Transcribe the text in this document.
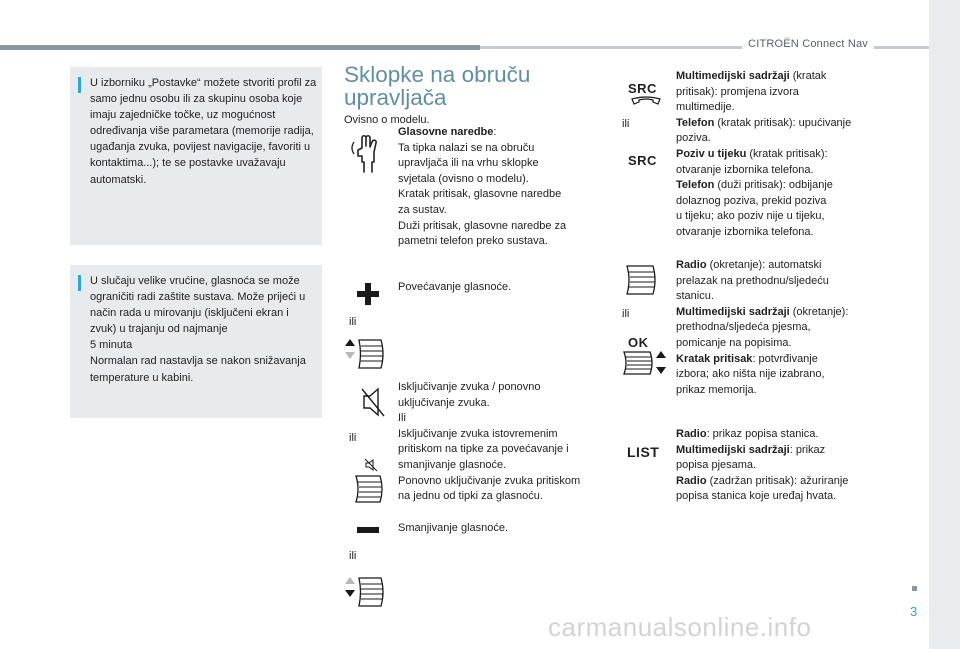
CITROËN Connect Nav

U izborniku „Postavke“ možete stvoriti profil za samo jednu osobu ili za skupinu osoba koje imaju zajedničke točke, uz mogućnost određivanja više parametara (memorije radija, ugađanja zvuka, povijest navigacije, favoriti u kontaktima...); te se postavke uvažavaju automatski.

U slučaju velike vrućine, glasnoća se može ograničiti radi zaštite sustava. Može prijeći u način rada u mirovanju (isključeni ekran i zvuk) u trajanju od najmanje
5 minuta
Normalan rad nastavlja se nakon snižavanja temperature u kabini.

Sklopke na obruču
upravljača
Ovisno o modelu.
Glasovne naredbe:
Ta tipka nalazi se na obruču
upravljača ili na vrhu sklopke
svjetala (ovisno o modelu).
Kratak pritisak, glasovne naredbe
za sustav.
Duži pritisak, glasovne naredbe za
pametni telefon preko sustava.
ili
Povećavanje glasnoće.
ili
Isključivanje zvuka / ponovno
uključivanje zvuka.
Ili
Isključivanje zvuka istovremenim
pritiskom na tipke za povećavanje i
smanjivanje glasnoće.
Ponovno uključivanje zvuka pritiskom
na jednu od tipki za glasnoću.
ili
Smanjivanje glasnoće.
SRC
ili
SRC
Multimedijski sadržaji (kratak
pritisak): promjena izvora
multimedije.
Telefon (kratak pritisak): upućivanje
poziva.
Poziv u tijeku (kratak pritisak):
otvaranje izbornika telefona.
Telefon (duži pritisak): odbijanje
dolaznog poziva, prekid poziva
u tijeku; ako poziv nije u tijeku,
otvaranje izbornika telefona.
ili
OK
Radio (okretanje): automatski
prelazak na prethodnu/sljedeću
stanicu.
Multimedijski sadržaji (okretanje):
prethodna/sljedeća pjesma,
pomicanje na popisima.
Kratak pritisak: potvrđivanje
izbora; ako ništa nije izabrano,
prikaz memorija.
LIST
Radio: prikaz popisa stanica.
Multimedijski sadržaji: prikaz
popisa pjesama.
Radio (zadržan pritisak): ažuriranje
popisa stanica koje uređaj hvata.
3
carmanualsonline.info
